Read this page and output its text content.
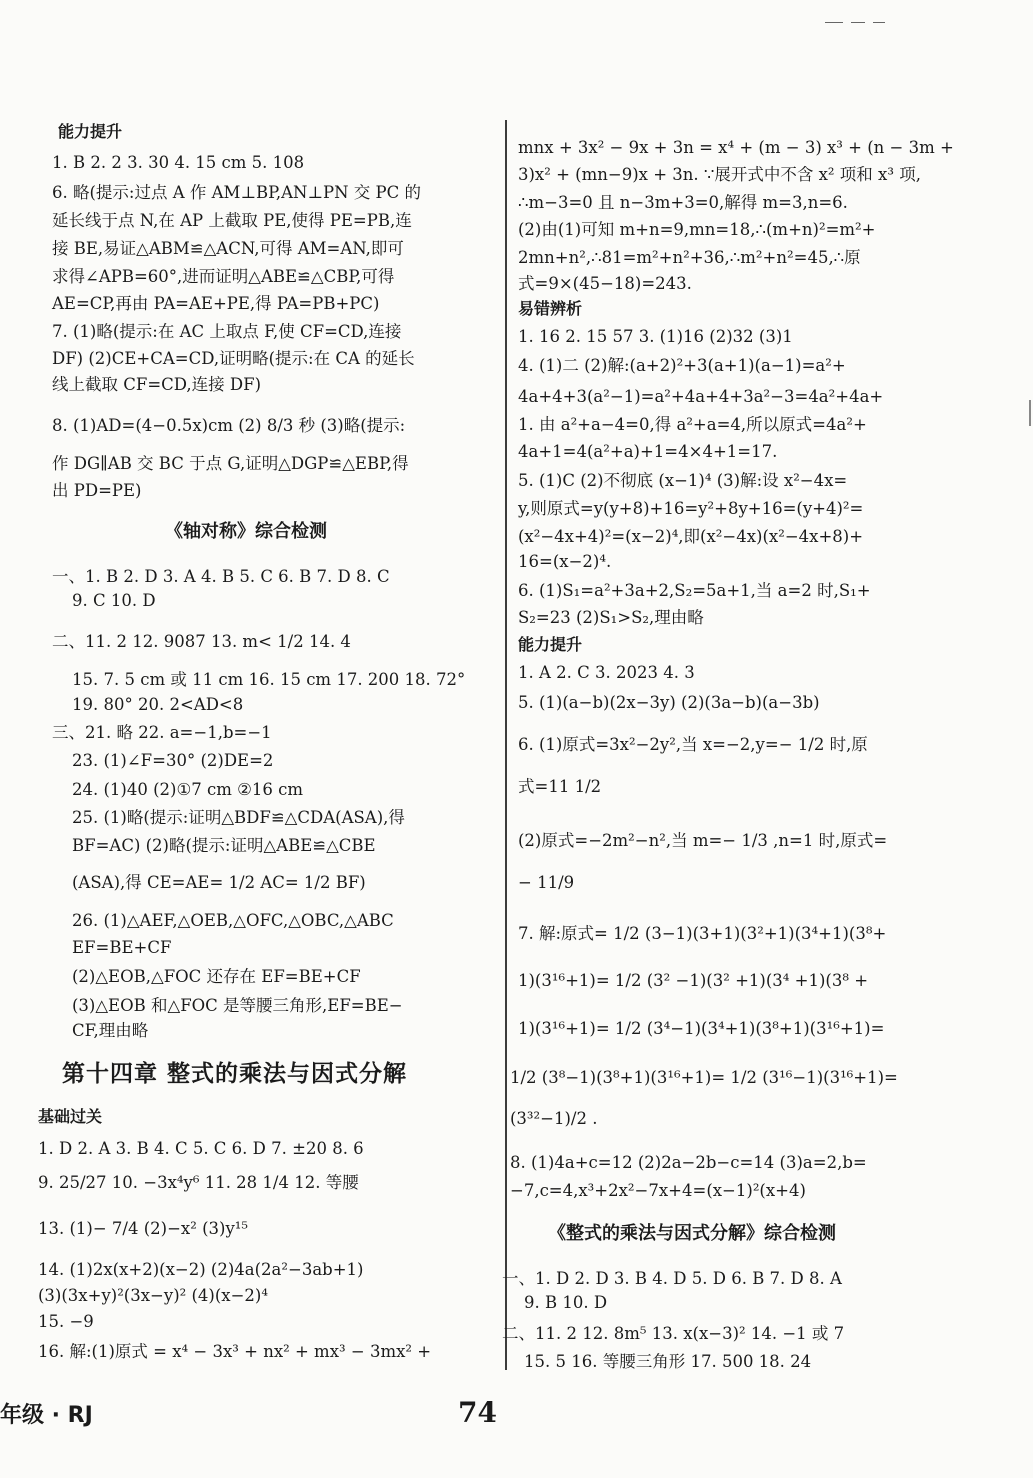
能力提升
1. B 2. 2 3. 30 4. 15 cm 5. 108
6. 略(提示:过点 A 作 AM⊥BP,AN⊥PN 交 PC 的
延长线于点 N,在 AP 上截取 PE,使得 PE=PB,连
接 BE,易证△ABM≌△ACN,可得 AM=AN,即可
求得∠APB=60°,进而证明△ABE≌△CBP,可得
AE=CP,再由 PA=AE+PE,得 PA=PB+PC)
7. (1)略(提示:在 AC 上取点 F,使 CF=CD,连接
DF) (2)CE+CA=CD,证明略(提示:在 CA 的延长
线上截取 CF=CD,连接 DF)
8. (1)AD=(4−0.5x)cm (2) 8/3 秒 (3)略(提示:
作 DG∥AB 交 BC 于点 G,证明△DGP≌△EBP,得
出 PD=PE)
《轴对称》综合检测
一、1. B 2. D 3. A 4. B 5. C 6. B 7. D 8. C
9. C 10. D
二、11. 2 12. 9087 13. m< 1/2 14. 4
15. 7. 5 cm 或 11 cm 16. 15 cm 17. 200 18. 72°
19. 80° 20. 2<AD<8
三、21. 略 22. a=−1,b=−1
23. (1)∠F=30° (2)DE=2
24. (1)40 (2)①7 cm ②16 cm
25. (1)略(提示:证明△BDF≌△CDA(ASA),得
BF=AC) (2)略(提示:证明△ABE≌△CBE
(ASA),得 CE=AE= 1/2 AC= 1/2 BF)
26. (1)△AEF,△OEB,△OFC,△OBC,△ABC
EF=BE+CF
(2)△EOB,△FOC 还存在 EF=BE+CF
(3)△EOB 和△FOC 是等腰三角形,EF=BE−
CF,理由略
第十四章 整式的乘法与因式分解
基础过关
1. D 2. A 3. B 4. C 5. C 6. D 7. ±20 8. 6
9. 25/27 10. −3x⁴y⁶ 11. 28 1/4 12. 等腰
13. (1)− 7/4 (2)−x² (3)y¹⁵
14. (1)2x(x+2)(x−2) (2)4a(2a²−3ab+1)
(3)(3x+y)²(3x−y)² (4)(x−2)⁴
15. −9
16. 解:(1)原式 = x⁴ − 3x³ + nx² + mx³ − 3mx² +
mnx + 3x² − 9x + 3n = x⁴ + (m − 3) x³ + (n − 3m +
3)x² + (mn−9)x + 3n. ∵展开式中不含 x² 项和 x³ 项,
∴m−3=0 且 n−3m+3=0,解得 m=3,n=6.
(2)由(1)可知 m+n=9,mn=18,∴(m+n)²=m²+
2mn+n²,∴81=m²+n²+36,∴m²+n²=45,∴原
式=9×(45−18)=243.
易错辨析
1. 16 2. 15 57 3. (1)16 (2)32 (3)1
4. (1)二 (2)解:(a+2)²+3(a+1)(a−1)=a²+
4a+4+3(a²−1)=a²+4a+4+3a²−3=4a²+4a+
1. 由 a²+a−4=0,得 a²+a=4,所以原式=4a²+
4a+1=4(a²+a)+1=4×4+1=17.
5. (1)C (2)不彻底 (x−1)⁴ (3)解:设 x²−4x=
y,则原式=y(y+8)+16=y²+8y+16=(y+4)²=
(x²−4x+4)²=(x−2)⁴,即(x²−4x)(x²−4x+8)+
16=(x−2)⁴.
6. (1)S₁=a²+3a+2,S₂=5a+1,当 a=2 时,S₁+
S₂=23 (2)S₁>S₂,理由略
能力提升
1. A 2. C 3. 2023 4. 3
5. (1)(a−b)(2x−3y) (2)(3a−b)(a−3b)
6. (1)原式=3x²−2y²,当 x=−2,y=− 1/2 时,原
式=11 1/2
(2)原式=−2m²−n²,当 m=− 1/3 ,n=1 时,原式=
− 11/9
7. 解:原式= 1/2 (3−1)(3+1)(3²+1)(3⁴+1)(3⁸+
1)(3¹⁶+1)= 1/2 (3² −1)(3² +1)(3⁴ +1)(3⁸ +
1)(3¹⁶+1)= 1/2 (3⁴−1)(3⁴+1)(3⁸+1)(3¹⁶+1)=
1/2 (3⁸−1)(3⁸+1)(3¹⁶+1)= 1/2 (3¹⁶−1)(3¹⁶+1)=
(3³²−1)/2 .
8. (1)4a+c=12 (2)2a−2b−c=14 (3)a=2,b=
−7,c=4,x³+2x²−7x+4=(x−1)²(x+4)
《整式的乘法与因式分解》综合检测
一、1. D 2. D 3. B 4. D 5. D 6. B 7. D 8. A
9. B 10. D
二、11. 2 12. 8m⁵ 13. x(x−3)² 14. −1 或 7
15. 5 16. 等腰三角形 17. 500 18. 24
年级 · RJ	74
